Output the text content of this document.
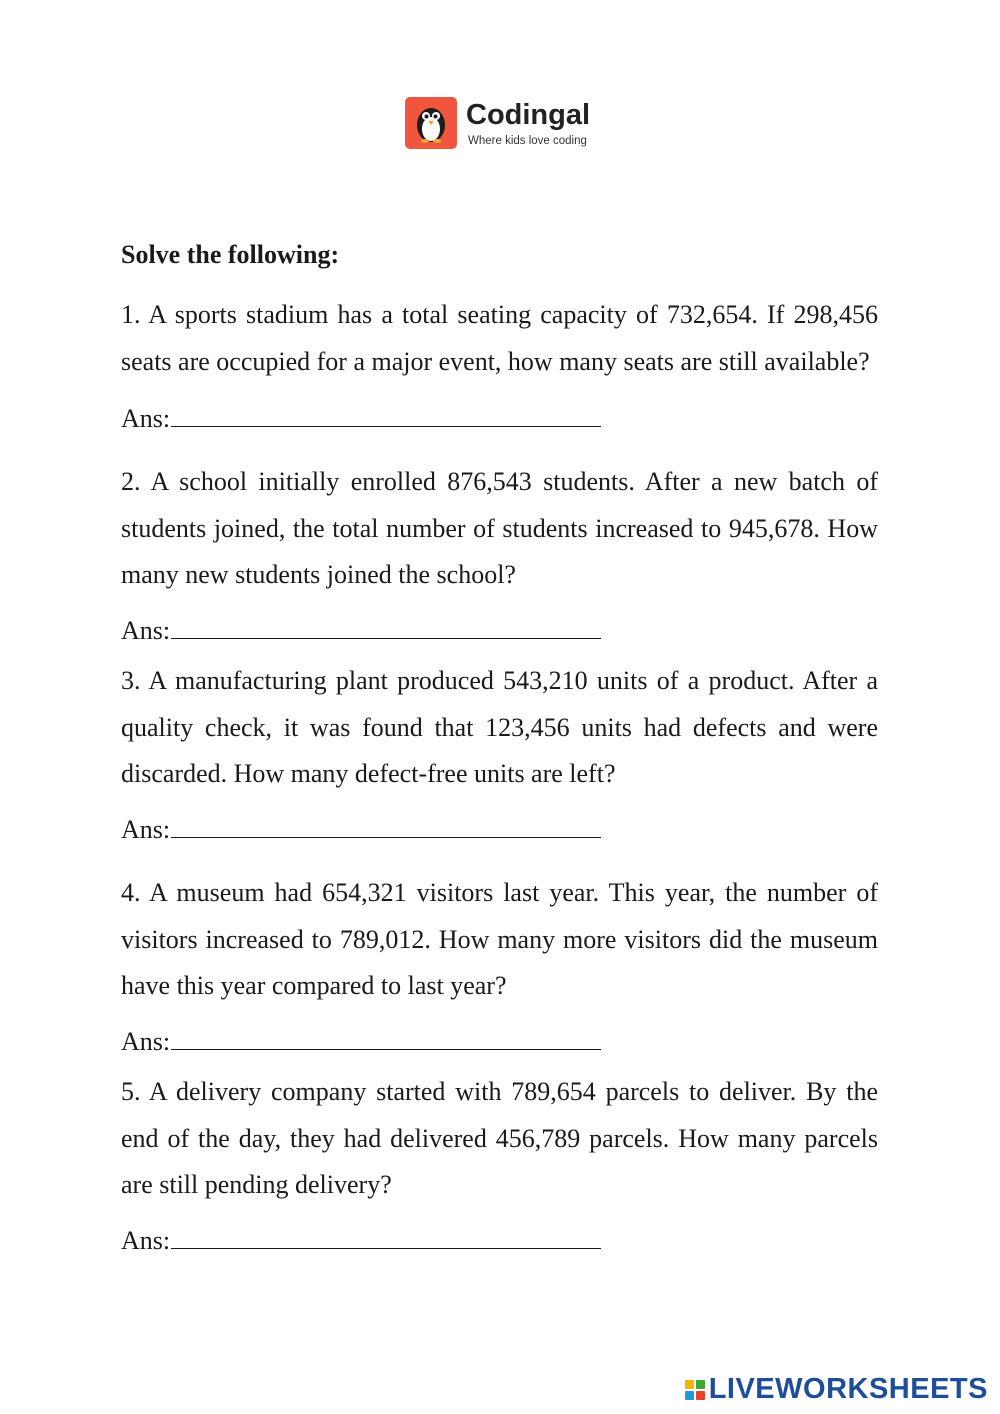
Codingal
Where kids love coding
Solve the following:

1. A sports stadium has a total seating capacity of 732,654. If 298,456 seats are occupied for a major event, how many seats are still available?

Ans:

2. A school initially enrolled 876,543 students. After a new batch of students joined, the total number of students increased to 945,678. How many new students joined the school?

Ans:

3. A manufacturing plant produced 543,210 units of a product. After a quality check, it was found that 123,456 units had defects and were discarded. How many defect-free units are left?

Ans:

4. A museum had 654,321 visitors last year. This year, the number of visitors increased to 789,012. How many more visitors did the museum have this year compared to last year?

Ans:

5. A delivery company started with 789,654 parcels to deliver. By the end of the day, they had delivered 456,789 parcels. How many parcels are still pending delivery?

Ans:
LIVEWORKSHEETS
